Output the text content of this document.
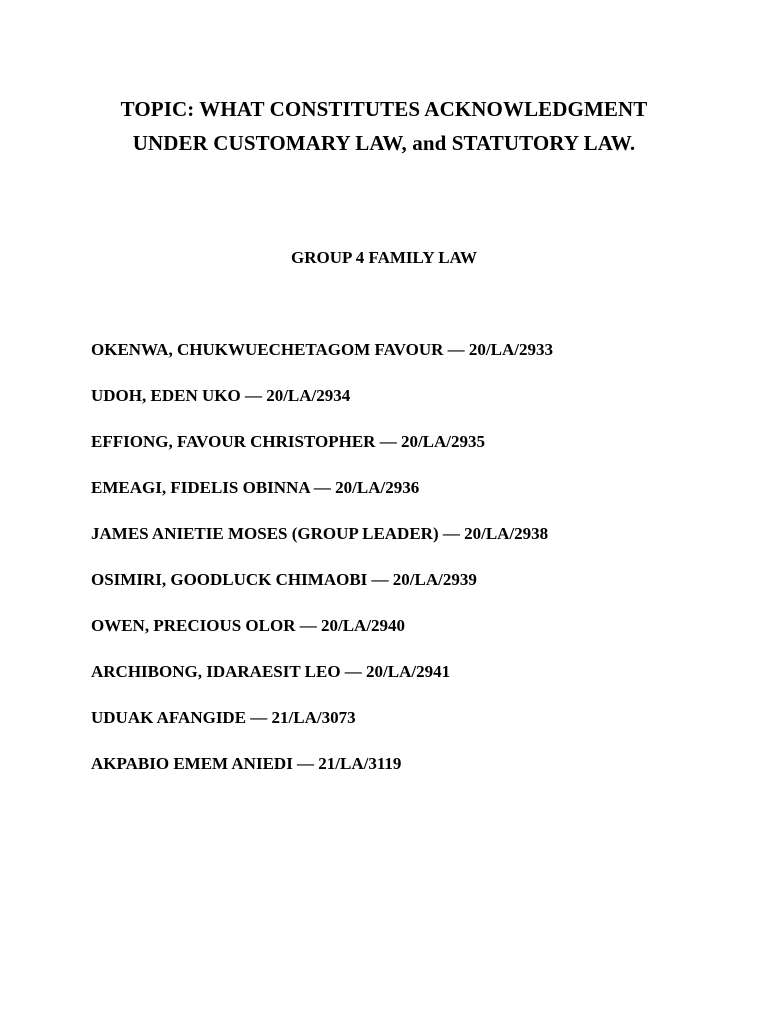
TOPIC: WHAT CONSTITUTES ACKNOWLEDGMENT
UNDER CUSTOMARY LAW, and STATUTORY LAW.
GROUP 4 FAMILY LAW
OKENWA, CHUKWUECHETAGOM FAVOUR — 20/LA/2933
UDOH, EDEN UKO — 20/LA/2934
EFFIONG, FAVOUR CHRISTOPHER — 20/LA/2935
EMEAGI, FIDELIS OBINNA — 20/LA/2936
JAMES ANIETIE MOSES (GROUP LEADER) — 20/LA/2938
OSIMIRI, GOODLUCK CHIMAOBI — 20/LA/2939
OWEN, PRECIOUS OLOR — 20/LA/2940
ARCHIBONG, IDARAESIT LEO — 20/LA/2941
UDUAK AFANGIDE — 21/LA/3073
AKPABIO EMEM ANIEDI — 21/LA/3119
